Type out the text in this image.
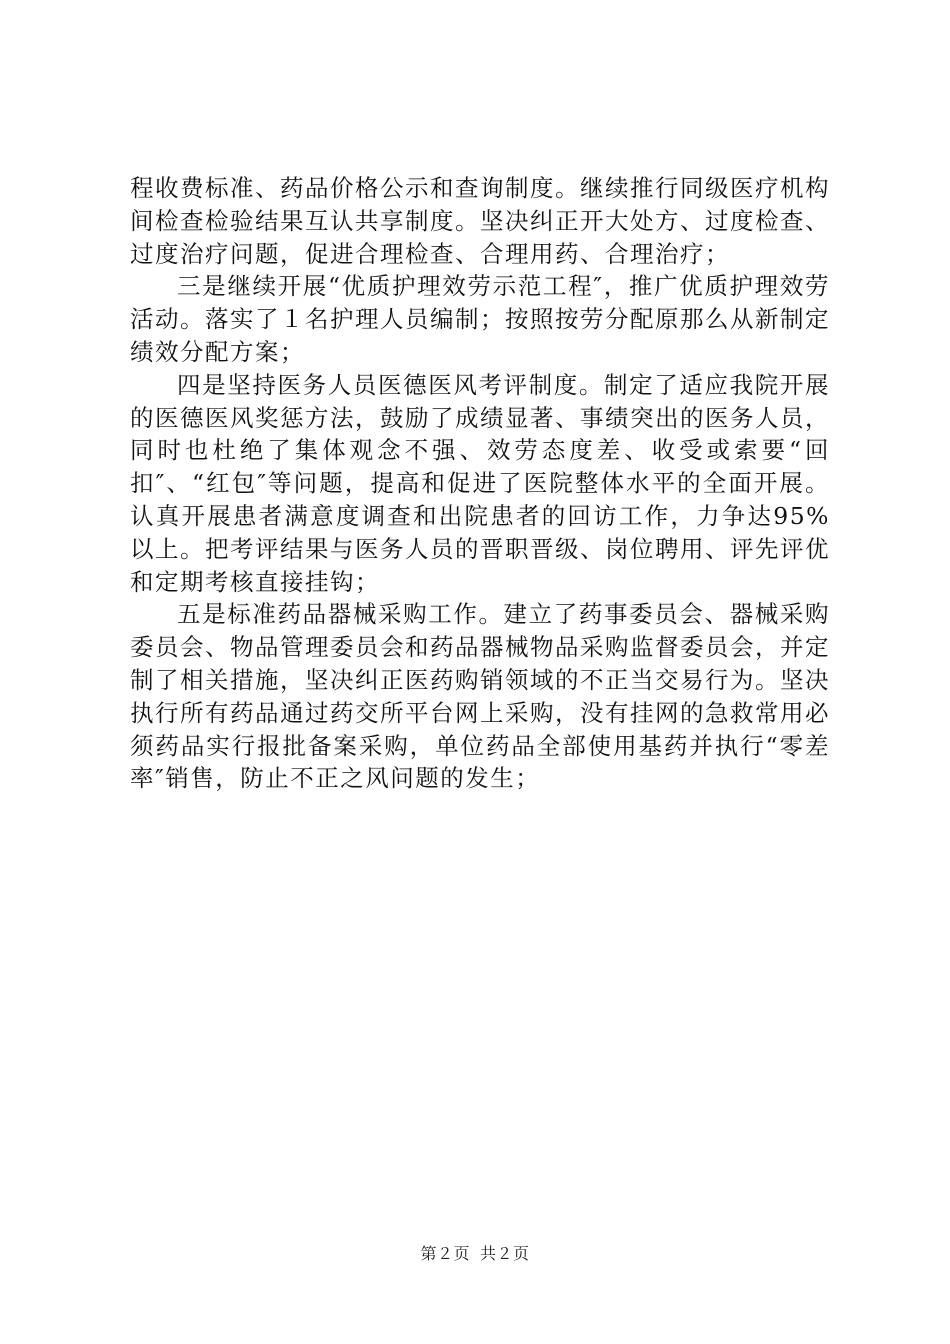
程收费标准、药品价格公示和查询制度。继续推行同级医疗机构间检查检验结果互认共享制度。坚决纠正开大处方、过度检查、过度治疗问题，促进合理检查、合理用药、合理治疗；

三是继续开展“优质护理效劳示范工程″，推广优质护理效劳活动。落实了１名护理人员编制；按照按劳分配原那么从新制定绩效分配方案；

四是坚持医务人员医德医风考评制度。制定了适应我院开展的医德医风奖惩方法，鼓励了成绩显著、事绩突出的医务人员，同时也杜绝了集体观念不强、效劳态度差、收受或索要“回扣″、“红包″等问题，提高和促进了医院整体水平的全面开展。认真开展患者满意度调查和出院患者的回访工作，力争达95%以上。把考评结果与医务人员的晋职晋级、岗位聘用、评先评优和定期考核直接挂钩；

五是标准药品器械采购工作。建立了药事委员会、器械采购委员会、物品管理委员会和药品器械物品采购监督委员会，并定制了相关措施，坚决纠正医药购销领域的不正当交易行为。坚决执行所有药品通过药交所平台网上采购，没有挂网的急救常用必须药品实行报批备案采购，单位药品全部使用基药并执行“零差率″销售，防止不正之风问题的发生；

第２页 共２页
